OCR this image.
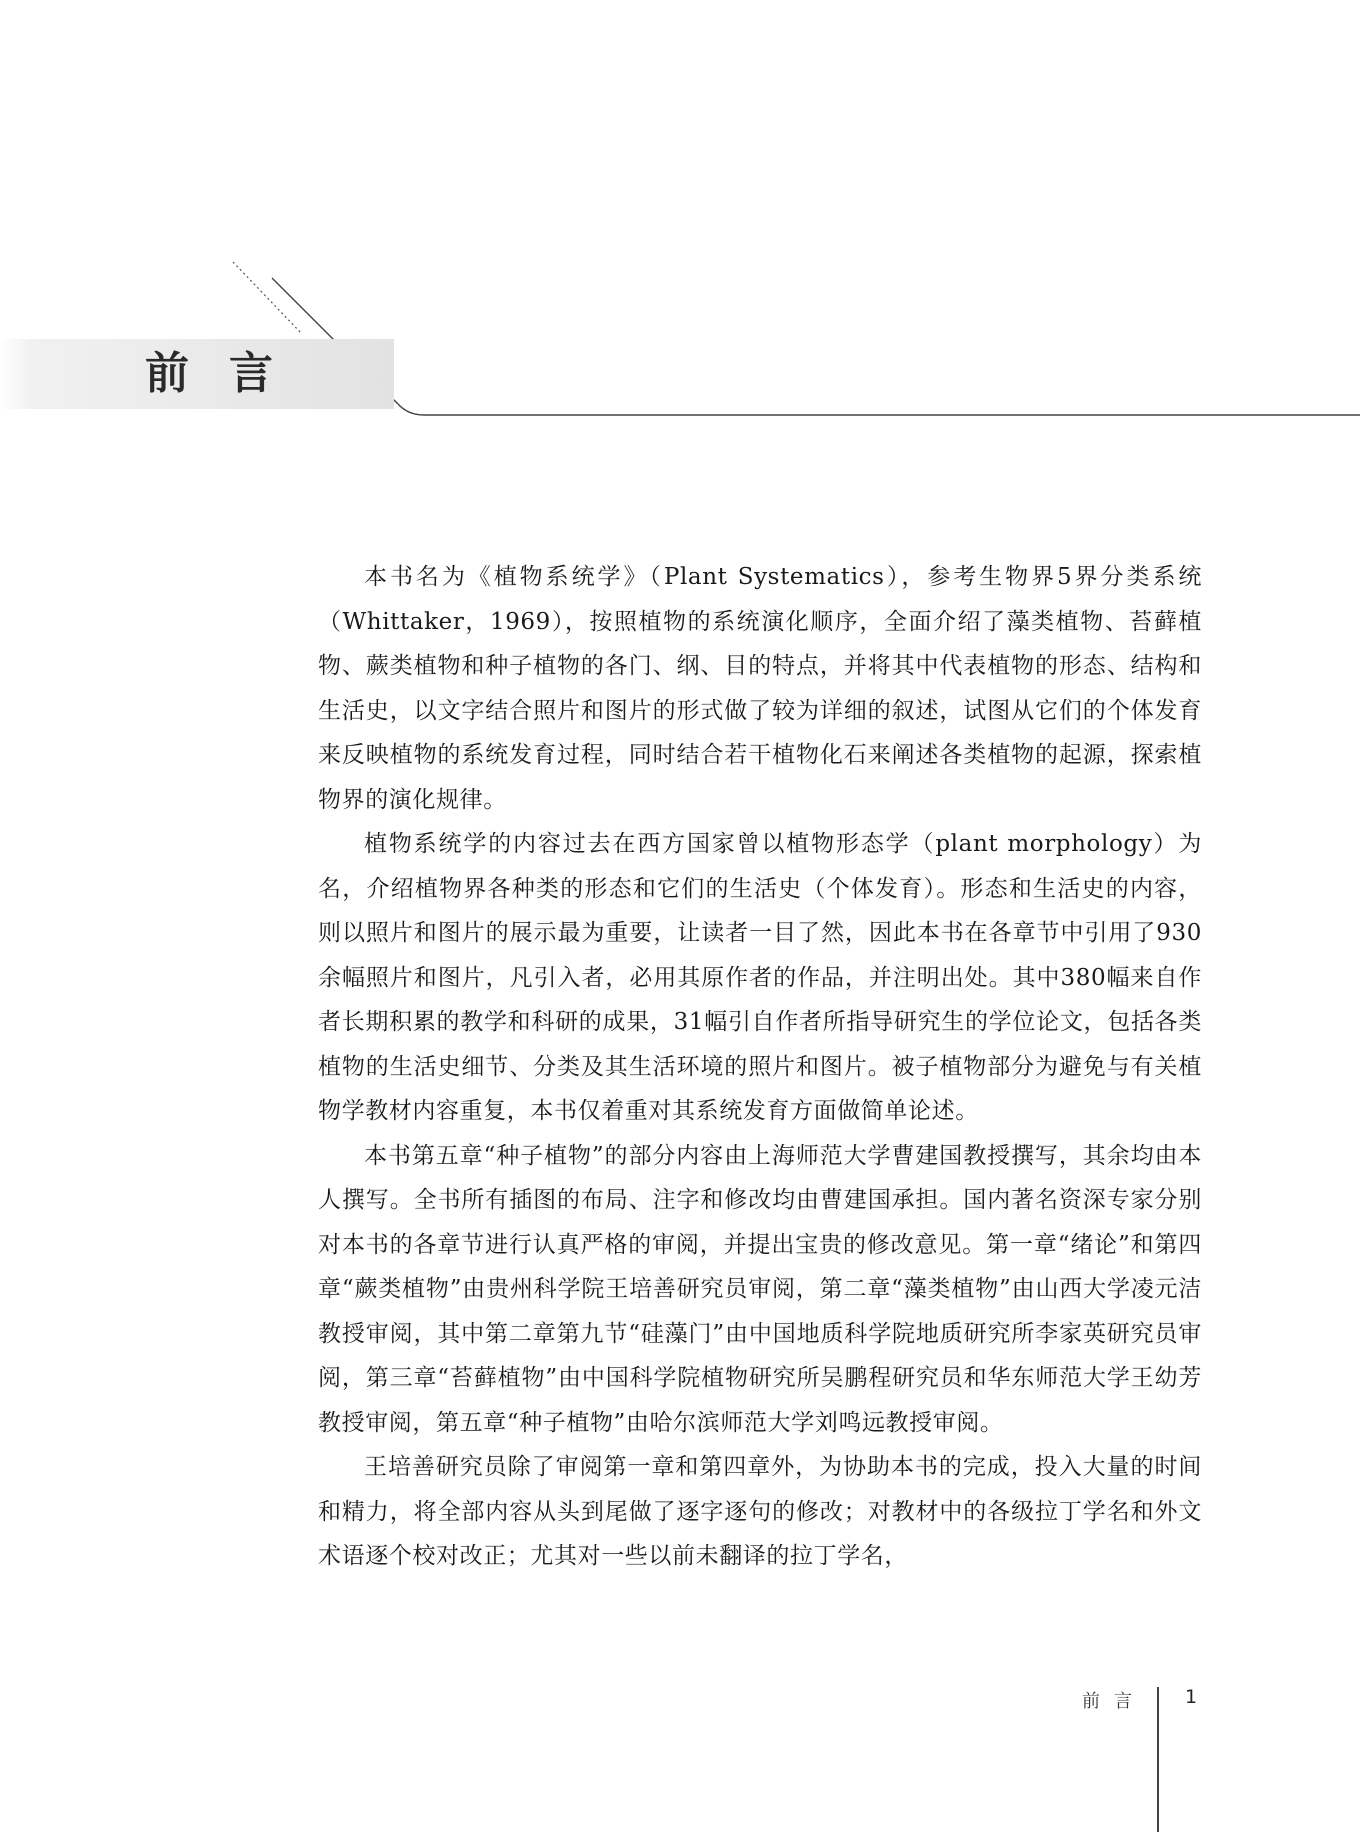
前言

本书名为《植物系统学》（Plant Systematics），参考生物界5界分类系统（Whittaker，1969），按照植物的系统演化顺序，全面介绍了藻类植物、苔藓植物、蕨类植物和种子植物的各门、纲、目的特点，并将其中代表植物的形态、结构和生活史，以文字结合照片和图片的形式做了较为详细的叙述，试图从它们的个体发育来反映植物的系统发育过程，同时结合若干植物化石来阐述各类植物的起源，探索植物界的演化规律。

植物系统学的内容过去在西方国家曾以植物形态学（plant morphology）为名，介绍植物界各种类的形态和它们的生活史（个体发育）。形态和生活史的内容，则以照片和图片的展示最为重要，让读者一目了然，因此本书在各章节中引用了930余幅照片和图片，凡引入者，必用其原作者的作品，并注明出处。其中380幅来自作者长期积累的教学和科研的成果，31幅引自作者所指导研究生的学位论文，包括各类植物的生活史细节、分类及其生活环境的照片和图片。被子植物部分为避免与有关植物学教材内容重复，本书仅着重对其系统发育方面做简单论述。

本书第五章“种子植物”的部分内容由上海师范大学曹建国教授撰写，其余均由本人撰写。全书所有插图的布局、注字和修改均由曹建国承担。国内著名资深专家分别对本书的各章节进行认真严格的审阅，并提出宝贵的修改意见。第一章“绪论”和第四章“蕨类植物”由贵州科学院王培善研究员审阅，第二章“藻类植物”由山西大学凌元洁教授审阅，其中第二章第九节“硅藻门”由中国地质科学院地质研究所李家英研究员审阅，第三章“苔藓植物”由中国科学院植物研究所吴鹏程研究员和华东师范大学王幼芳教授审阅，第五章“种子植物”由哈尔滨师范大学刘鸣远教授审阅。

王培善研究员除了审阅第一章和第四章外，为协助本书的完成，投入大量的时间和精力，将全部内容从头到尾做了逐字逐句的修改；对教材中的各级拉丁学名和外文术语逐个校对改正；尤其对一些以前未翻译的拉丁学名，

前言 1
